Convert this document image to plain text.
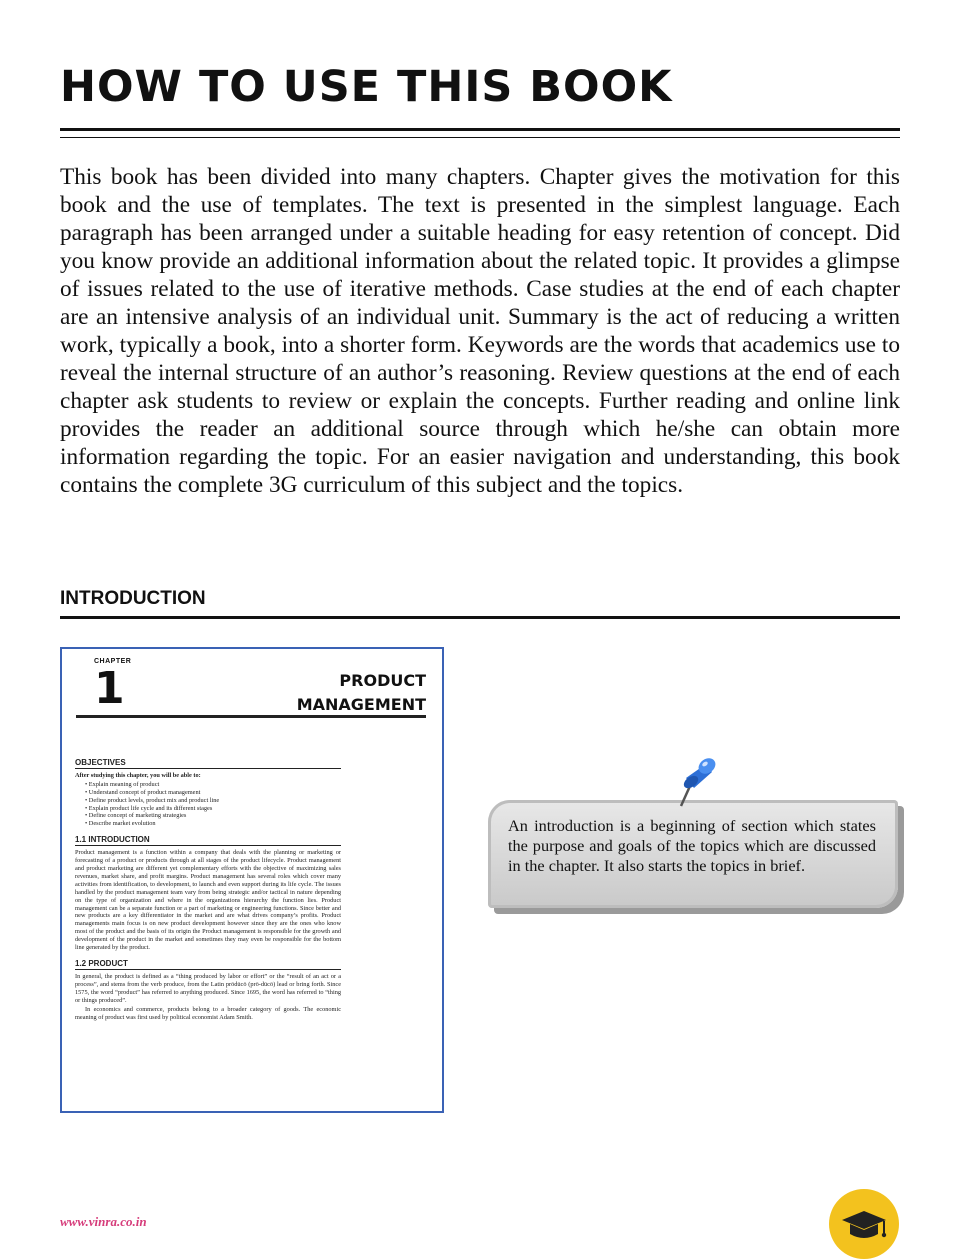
HOW TO USE THIS BOOK

This book has been divided into many chapters. Chapter gives the motivation for this book and the use of templates. The text is presented in the simplest language. Each paragraph has been arranged under a suitable heading for easy retention of concept. Did you know provide an additional information about the related topic. It provides a glimpse of issues related to the use of iterative methods. Case studies at the end of each chapter are an intensive analysis of an individual unit. Summary is the act of reducing a written work, typically a book, into a shorter form. Keywords are the words that academics use to reveal the internal structure of an author’s reasoning. Review questions at the end of each chapter ask students to review or explain the concepts. Further reading and online link provides the reader an additional source through which he/she can obtain more information regarding the topic. For an easier navigation and understanding, this book contains the complete 3G curriculum of this subject and the topics.

INTRODUCTION
CHAPTER
1	PRODUCT
MANAGEMENT
OBJECTIVES
After studying this chapter, you will be able to:
• Explain meaning of product
• Understand concept of product management
• Define product levels, product mix and product line
• Explain product life cycle and its different stages
• Define concept of marketing strategies
• Describe market evolution
1.1 INTRODUCTION

Product management is a function within a company that deals with the planning or marketing or forecasting of a product or products through at all stages of the product lifecycle. Product management and product marketing are different yet complementary efforts with the objective of maximizing sales revenues, market share, and profit margins. Product management has several roles which cover many activities from identification, to development, to launch and even support during its life cycle. The issues handled by the product management team vary from being strategic and/or tactical in nature depending on the type of organization and where in the organizations hierarchy the function lies. Product management can be a separate function or a part of marketing or engineering functions. Since better and new products are a key differentiator in the market and are what drives company’s profits. Product managements main focus is on new product development however since they are the ones who know most of the product and the basis of its origin the Product management is responsible for the growth and development of the product in the market and sometimes they may even be responsible for the bottom line generated by the product.

1.2 PRODUCT

In general, the product is defined as a “thing produced by labor or effort” or the “result of an act or a process”, and stems from the verb produce, from the Latin prōdūcō (prō-dūcō) lead or bring forth. Since 1575, the word “product” has referred to anything produced. Since 1695, the word has referred to “thing or things produced”.

In economics and commerce, products belong to a broader category of goods. The economic meaning of product was first used by political economist Adam Smith.

An introduction is a beginning of section which states the purpose and goals of the topics which are discussed in the chapter. It also starts the topics in brief.
www.vinra.co.in
